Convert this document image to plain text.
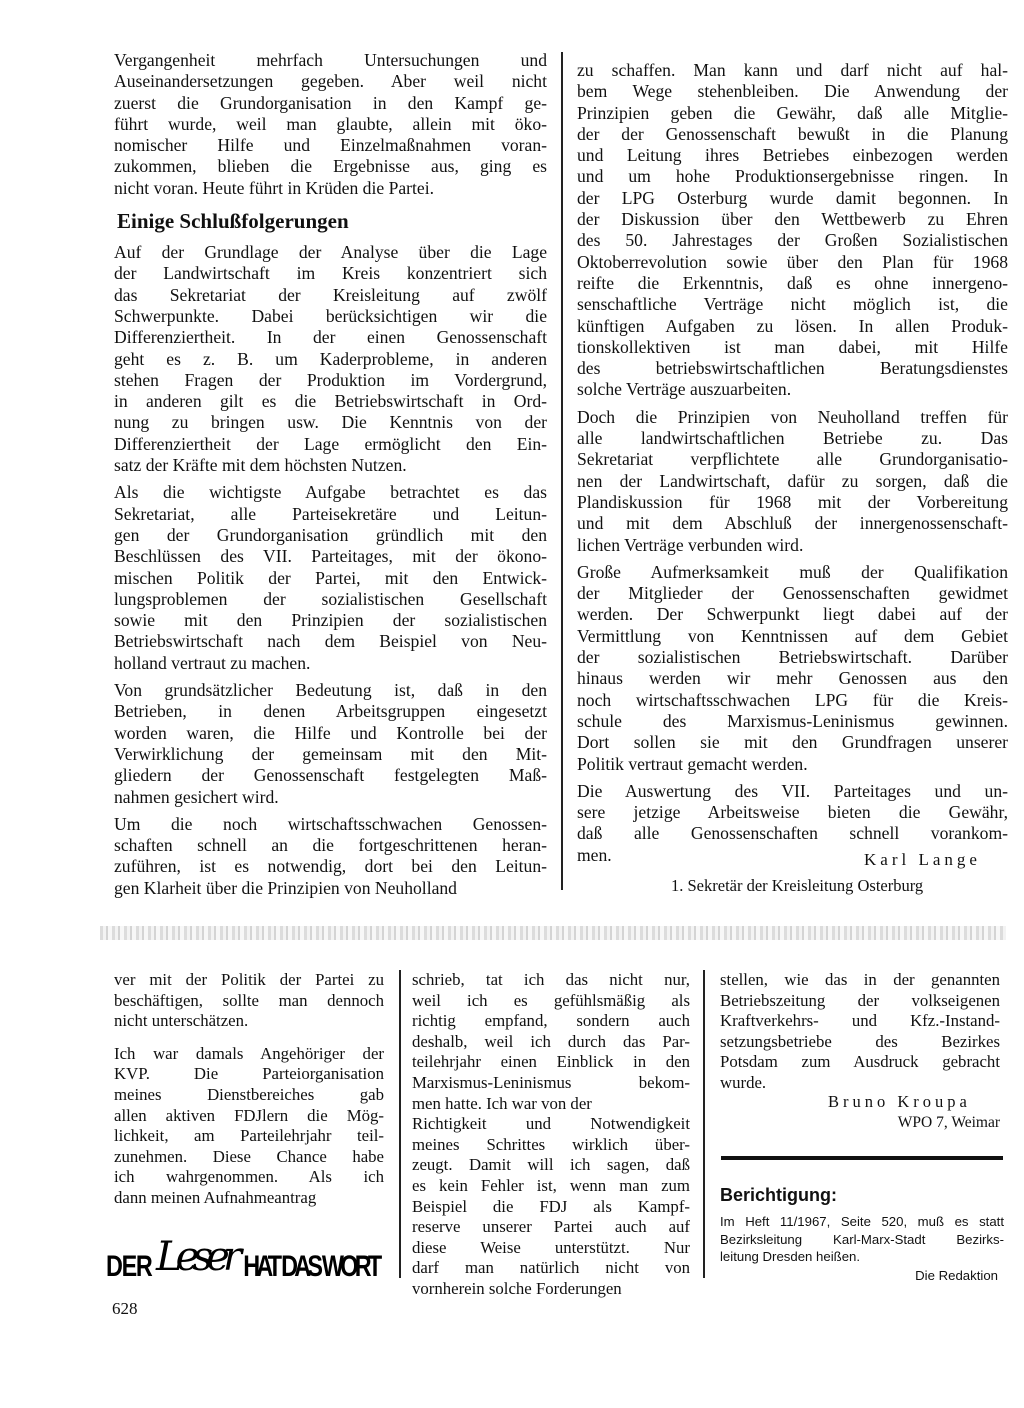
Vergangenheit mehrfach Untersuchungen und
Auseinandersetzungen gegeben. Aber weil nicht
zuerst die Grundorganisation in den Kampf ge-
führt wurde, weil man glaubte, allein mit öko-
nomischer Hilfe und Einzelmaßnahmen voran-
zukommen, blieben die Ergebnisse aus, ging es
nicht voran. Heute führt in Krüden die Partei.
Einige Schlußfolgerungen
Auf der Grundlage der Analyse über die Lage
der Landwirtschaft im Kreis konzentriert sich
das Sekretariat der Kreisleitung auf zwölf
Schwerpunkte. Dabei berücksichtigen wir die
Differenziertheit. In der einen Genossenschaft
geht es z. B. um Kaderprobleme, in anderen
stehen Fragen der Produktion im Vordergrund,
in anderen gilt es die Betriebswirtschaft in Ord-
nung zu bringen usw. Die Kenntnis von der
Differenziertheit der Lage ermöglicht den Ein-
satz der Kräfte mit dem höchsten Nutzen.
Als die wichtigste Aufgabe betrachtet es das
Sekretariat, alle Parteisekretäre und Leitun-
gen der Grundorganisation gründlich mit den
Beschlüssen des VII. Parteitages, mit der ökono-
mischen Politik der Partei, mit den Entwick-
lungsproblemen der sozialistischen Gesellschaft
sowie mit den Prinzipien der sozialistischen
Betriebswirtschaft nach dem Beispiel von Neu-
holland vertraut zu machen.
Von grundsätzlicher Bedeutung ist, daß in den
Betrieben, in denen Arbeitsgruppen eingesetzt
worden waren, die Hilfe und Kontrolle bei der
Verwirklichung der gemeinsam mit den Mit-
gliedern der Genossenschaft festgelegten Maß-
nahmen gesichert wird.
Um die noch wirtschaftsschwachen Genossen-
schaften schnell an die fortgeschrittenen heran-
zuführen, ist es notwendig, dort bei den Leitun-
gen Klarheit über die Prinzipien von Neuholland
zu schaffen. Man kann und darf nicht auf hal-
bem Wege stehenbleiben. Die Anwendung der
Prinzipien geben die Gewähr, daß alle Mitglie-
der der Genossenschaft bewußt in die Planung
und Leitung ihres Betriebes einbezogen werden
und um hohe Produktionsergebnisse ringen. In
der LPG Osterburg wurde damit begonnen. In
der Diskussion über den Wettbewerb zu Ehren
des 50. Jahrestages der Großen Sozialistischen
Oktoberrevolution sowie über den Plan für 1968
reifte die Erkenntnis, daß es ohne innergeno-
senschaftliche Verträge nicht möglich ist, die
künftigen Aufgaben zu lösen. In allen Produk-
tionskollektiven ist man dabei, mit Hilfe
des betriebswirtschaftlichen Beratungsdienstes
solche Verträge auszuarbeiten.
Doch die Prinzipien von Neuholland treffen für
alle landwirtschaftlichen Betriebe zu. Das
Sekretariat verpflichtete alle Grundorganisatio-
nen der Landwirtschaft, dafür zu sorgen, daß die
Plandiskussion für 1968 mit der Vorbereitung
und mit dem Abschluß der innergenossenschaft-
lichen Verträge verbunden wird.
Große Aufmerksamkeit muß der Qualifikation
der Mitglieder der Genossenschaften gewidmet
werden. Der Schwerpunkt liegt dabei auf der
Vermittlung von Kenntnissen auf dem Gebiet
der sozialistischen Betriebswirtschaft. Darüber
hinaus werden wir mehr Genossen aus den
noch wirtschaftsschwachen LPG für die Kreis-
schule des Marxismus-Leninismus gewinnen.
Dort sollen sie mit den Grundfragen unserer
Politik vertraut gemacht werden.
Die Auswertung des VII. Parteitages und un-
sere jetzige Arbeitsweise bieten die Gewähr,
daß alle Genossenschaften schnell vorankom-
men.	Karl Lange
1. Sekretär der Kreisleitung Osterburg
ver mit der Politik der Partei zu
beschäftigen, sollte man dennoch
nicht unterschätzen.
Ich war damals Angehöriger der
KVP. Die Parteiorganisation
meines Dienstbereiches gab
allen aktiven FDJlern die Mög-
lichkeit, am Parteilehrjahr teil-
zunehmen. Diese Chance habe
ich wahrgenommen. Als ich
dann meinen Aufnahmeantrag
schrieb, tat ich das nicht nur,
weil ich es gefühlsmäßig als
richtig empfand, sondern auch
deshalb, weil ich durch das Par-
teilehrjahr einen Einblick in den
Marxismus-Leninismus bekom-
men hatte. Ich war von der
Richtigkeit und Notwendigkeit
meines Schrittes wirklich über-
zeugt. Damit will ich sagen, daß
es kein Fehler ist, wenn man zum
Beispiel die FDJ als Kampf-
reserve unserer Partei auch auf
diese Weise unterstützt. Nur
darf man natürlich nicht von
vornherein solche Forderungen
stellen, wie das in der genannten
Betriebszeitung der volkseigenen
Kraftverkehrs- und Kfz.-Instand-
setzungsbetriebe des Bezirkes
Potsdam zum Ausdruck gebracht
wurde.
Bruno Kroupa
WPO 7, Weimar
Berichtigung:
Im Heft 11/1967, Seite 520, muß es statt
Bezirksleitung Karl-Marx-Stadt Bezirks-
leitung Dresden heißen.
Die Redaktion
DER Leser HAT DAS WORT
628
